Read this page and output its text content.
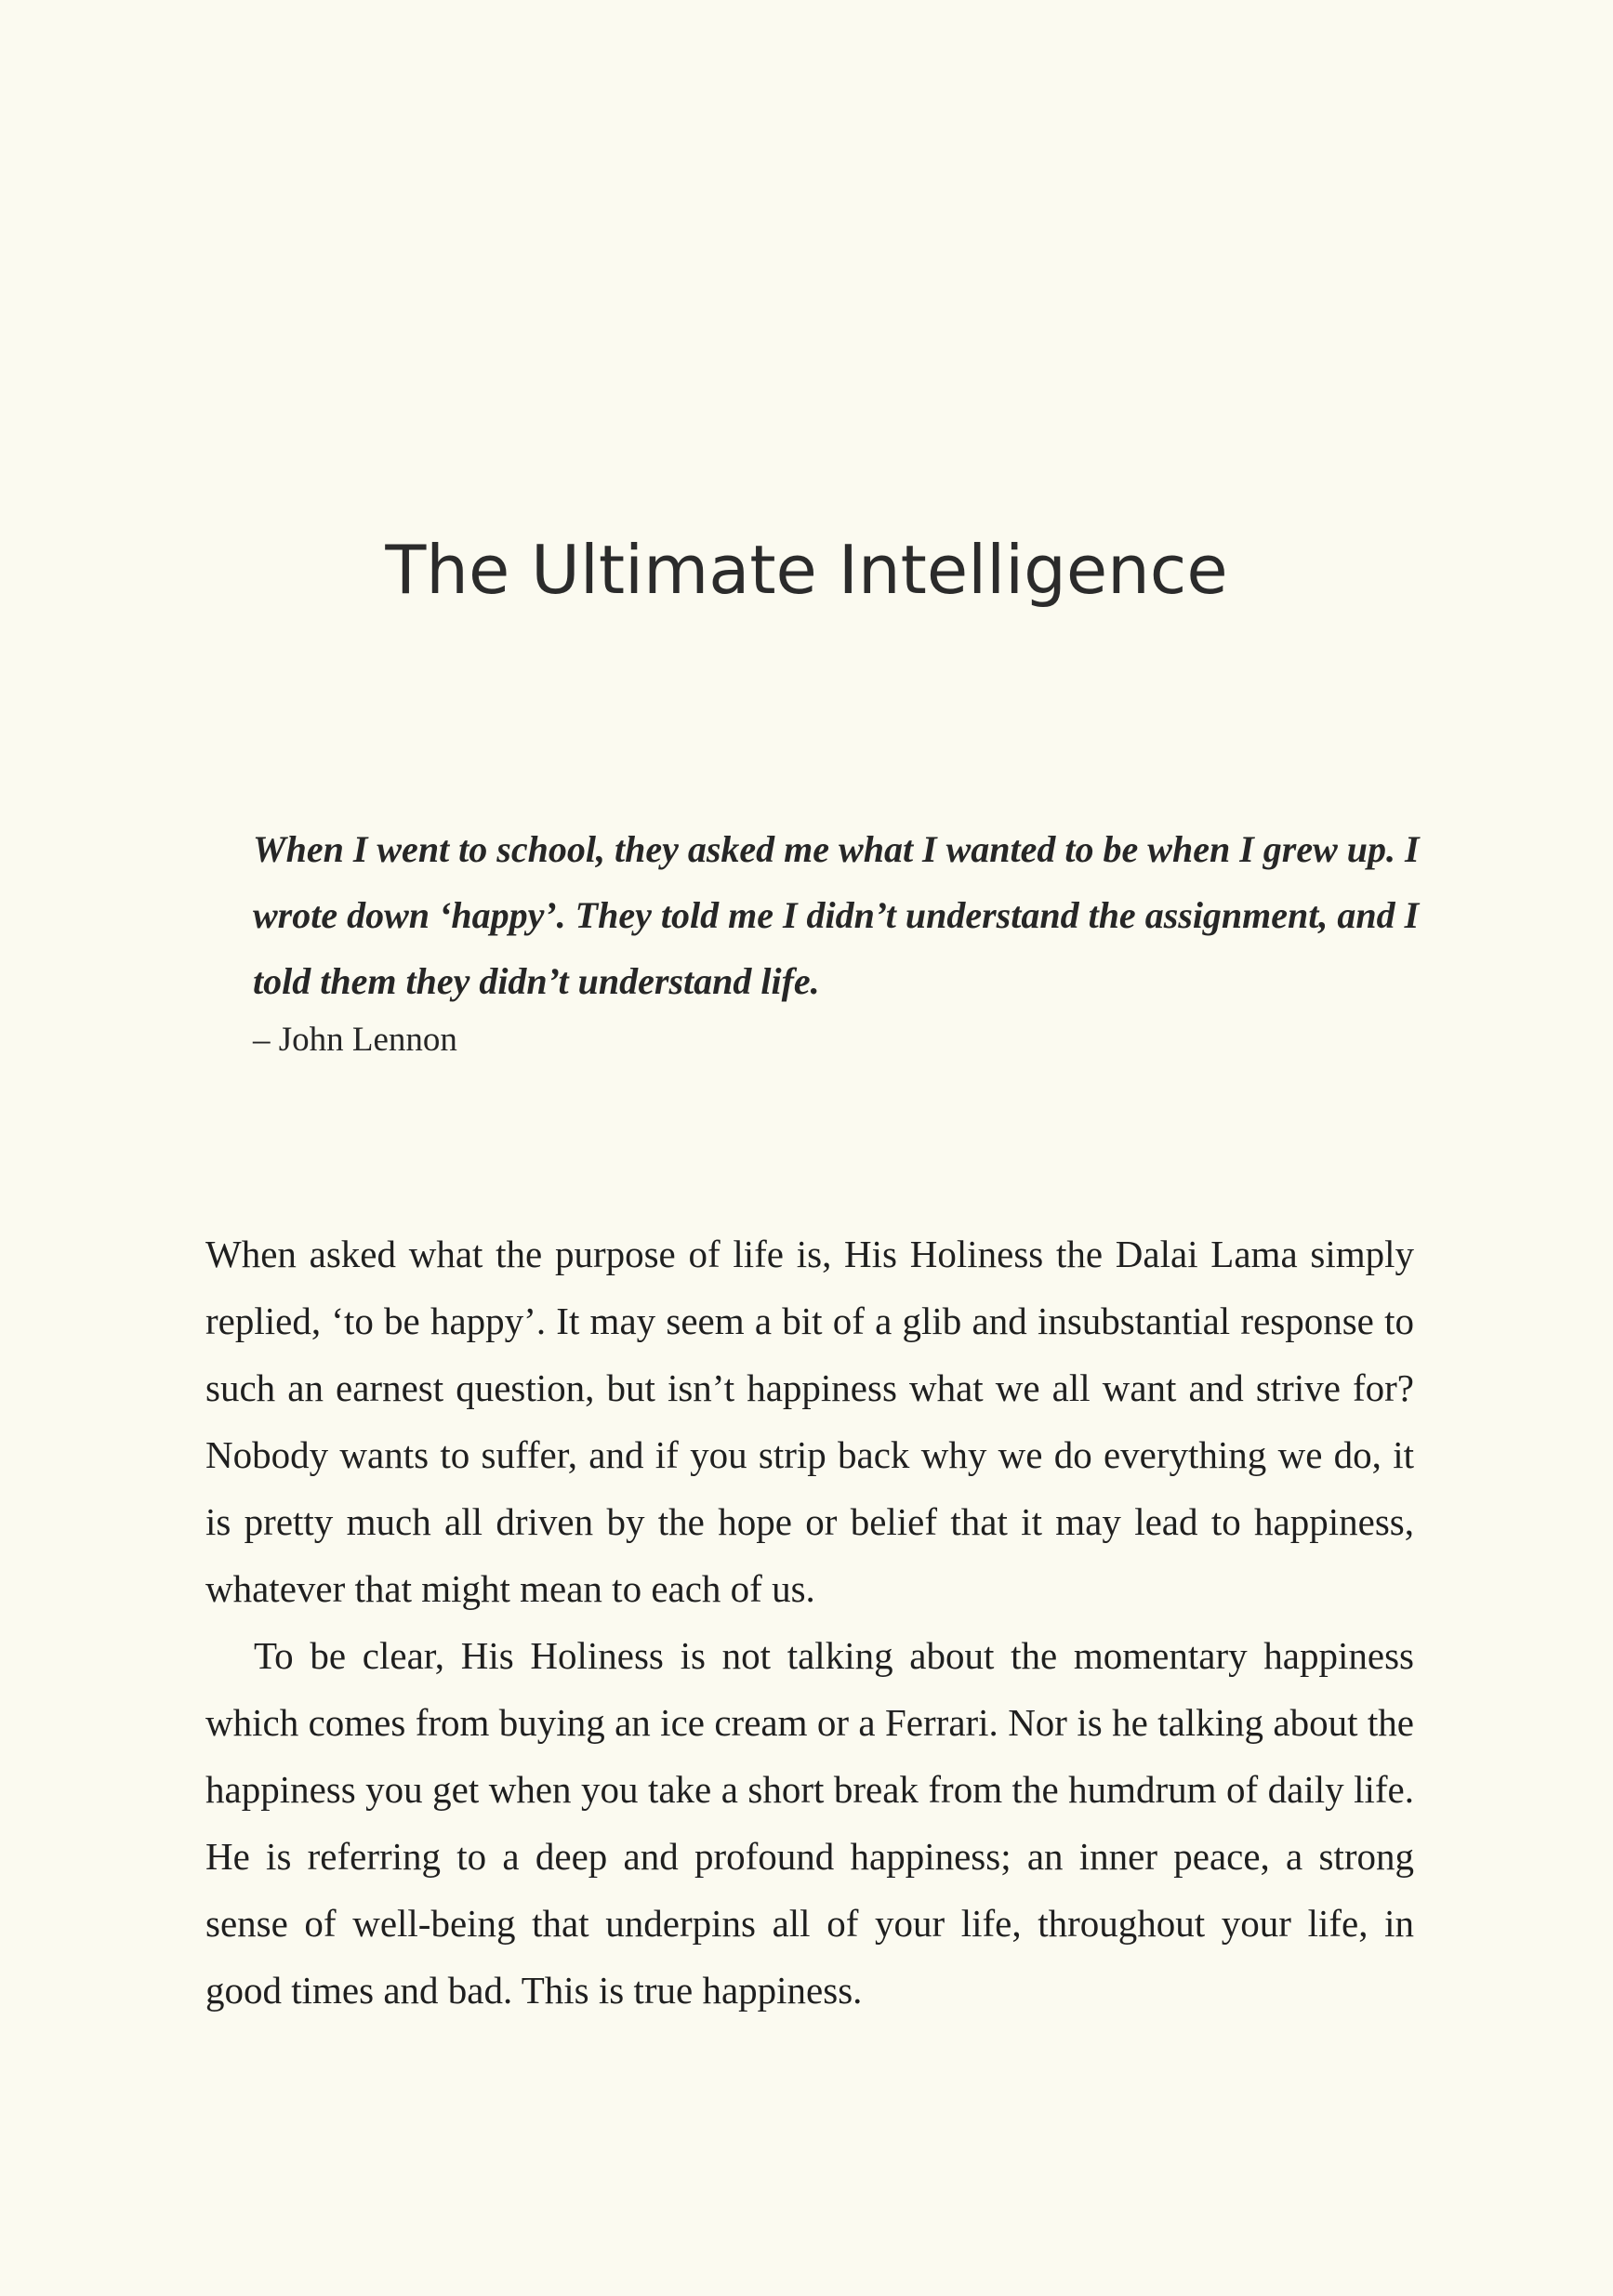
The Ultimate Intelligence

When I went to school, they asked me what I wanted to be when I grew up. I wrote down ‘happy’. They told me I didn’t understand the assignment, and I told them they didn’t understand life.

– John Lennon

When asked what the purpose of life is, His Holiness the Dalai Lama simply replied, ‘to be happy’. It may seem a bit of a glib and insubstantial response to such an earnest question, but isn’t happiness what we all want and strive for? Nobody wants to suffer, and if you strip back why we do everything we do, it is pretty much all driven by the hope or belief that it may lead to happiness, whatever that might mean to each of us.

To be clear, His Holiness is not talking about the momentary happiness which comes from buying an ice cream or a Ferrari. Nor is he talking about the happiness you get when you take a short break from the humdrum of daily life. He is referring to a deep and profound happiness; an inner peace, a strong sense of well-being that underpins all of your life, throughout your life, in good times and bad. This is true happiness.
